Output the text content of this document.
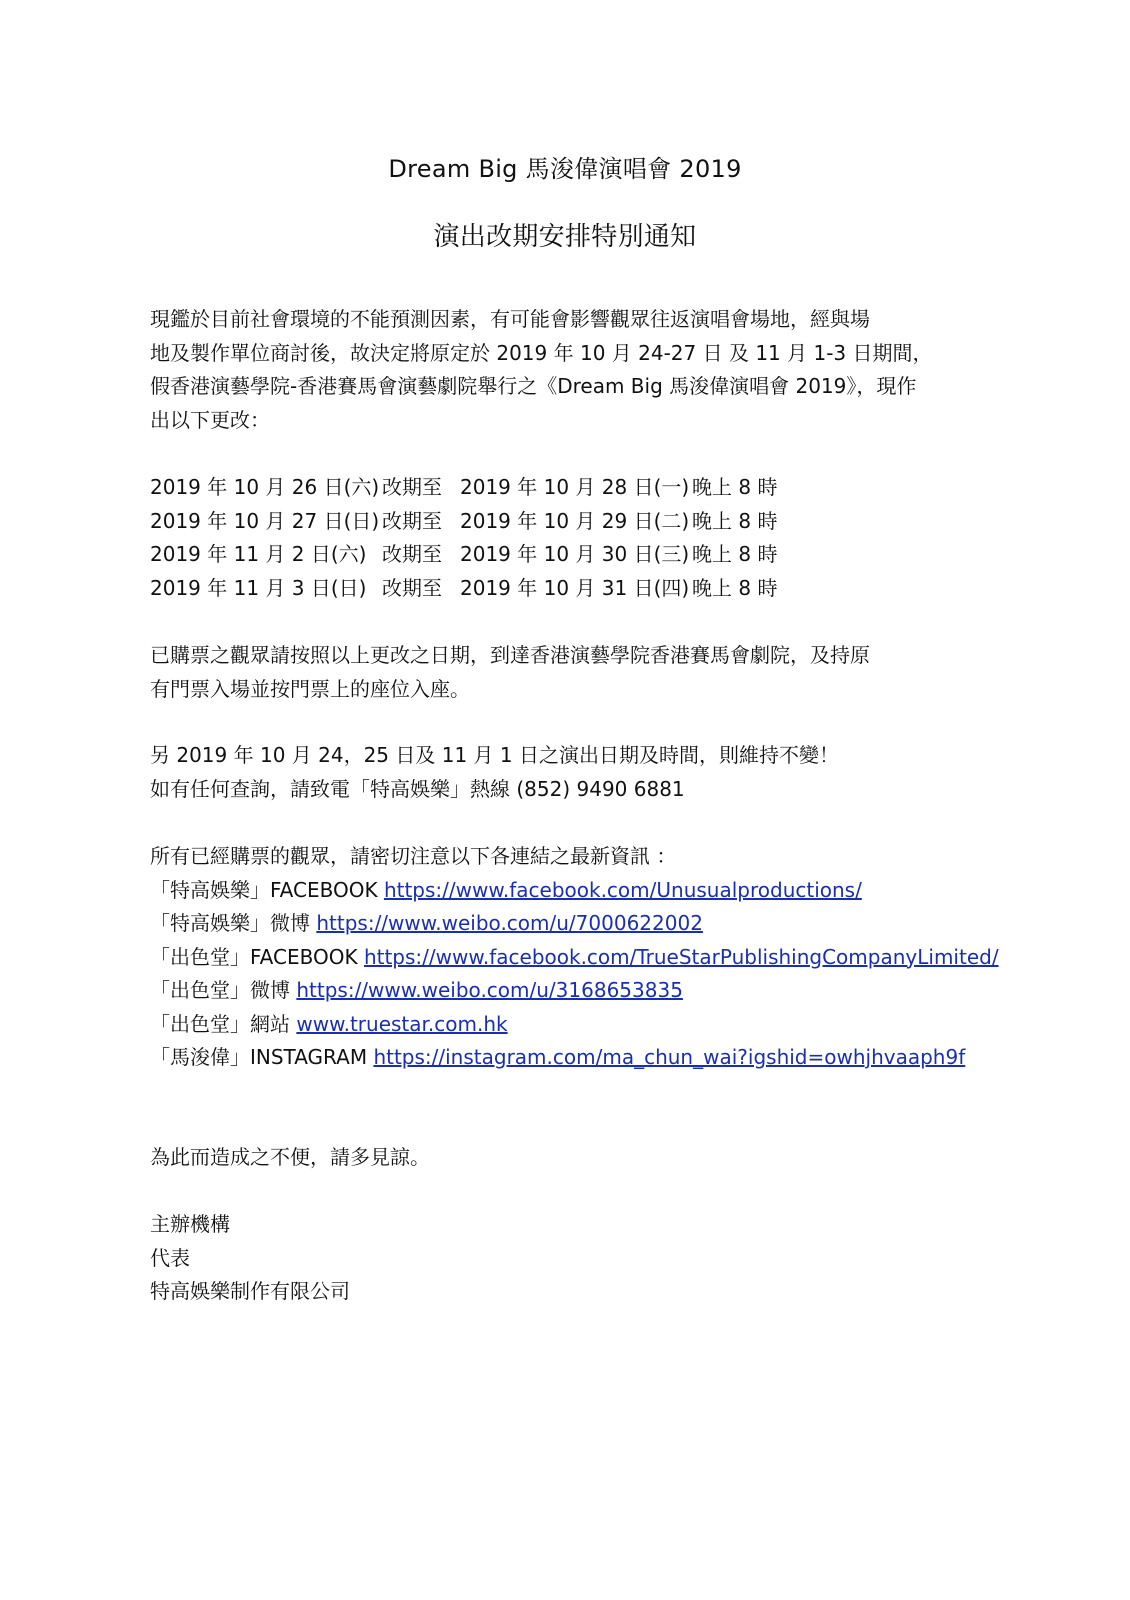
Dream Big 馬浚偉演唱會 2019
演出改期安排特別通知
現鑑於目前社會環境的不能預測因素，有可能會影響觀眾往返演唱會場地，經與場
地及製作單位商討後，故決定將原定於 2019 年 10 月 24-27 日 及 11 月 1-3 日期間，
假香港演藝學院-香港賽馬會演藝劇院舉行之《Dream Big 馬浚偉演唱會 2019》，現作
出以下更改：
2019 年 10 月 26 日(六) 改期至 2019 年 10 月 28 日(一) 晚上 8 時
2019 年 10 月 27 日(日) 改期至 2019 年 10 月 29 日(二) 晚上 8 時
2019 年 11 月 2 日(六) 改期至 2019 年 10 月 30 日(三) 晚上 8 時
2019 年 11 月 3 日(日) 改期至 2019 年 10 月 31 日(四) 晚上 8 時
已購票之觀眾請按照以上更改之日期，到達香港演藝學院香港賽馬會劇院，及持原
有門票入場並按門票上的座位入座。
另 2019 年 10 月 24，25 日及 11 月 1 日之演出日期及時間，則維持不變！
如有任何查詢，請致電「特高娛樂」熱線 (852) 9490 6881
所有已經購票的觀眾，請密切注意以下各連結之最新資訊 ：
「特高娛樂」FACEBOOK https://www.facebook.com/Unusualproductions/
「特高娛樂」微博 https://www.weibo.com/u/7000622002
「出色堂」FACEBOOK https://www.facebook.com/TrueStarPublishingCompanyLimited/
「出色堂」微博 https://www.weibo.com/u/3168653835
「出色堂」網站 www.truestar.com.hk
「馬浚偉」INSTAGRAM https://instagram.com/ma_chun_wai?igshid=owhjhvaaph9f
為此而造成之不便，請多見諒。
主辦機構
代表
特高娛樂制作有限公司
